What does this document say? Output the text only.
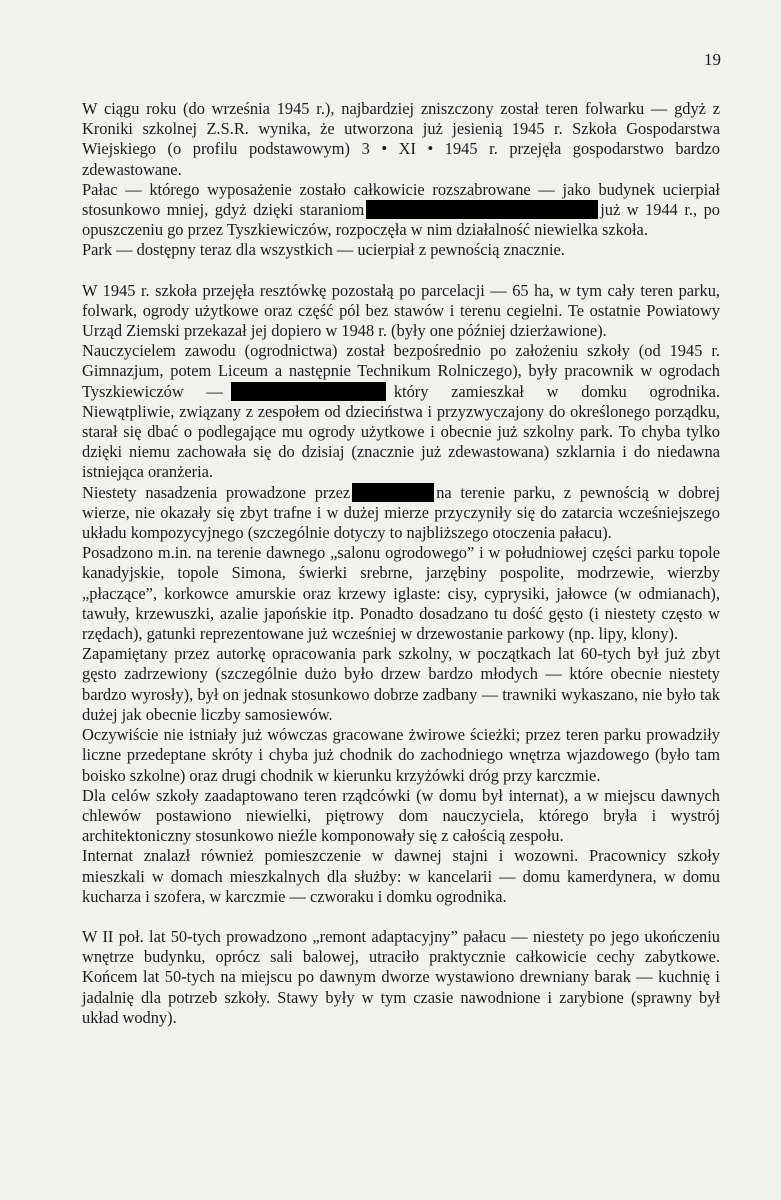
19

W ciągu roku (do września 1945 r.), najbardziej zniszczony został teren folwarku — gdyż z Kroniki szkolnej Z.S.R. wynika, że utworzona już jesienią 1945 r. Szkoła Gospodarstwa Wiejskiego (o profilu podstawowym) 3 • XI • 1945 r. przejęła gospodarstwo bardzo zdewastowane.

Pałac — którego wyposażenie zostało całkowicie rozszabrowane — jako budynek ucierpiał stosunkowo mniej, gdyż dzięki staraniom	już w 1944 r., po opuszczeniu go przez Tyszkiewiczów, rozpoczęła w nim działalność niewielka szkoła.

Park — dostępny teraz dla wszystkich — ucierpiał z pewnością znacznie.

W 1945 r. szkoła przejęła resztówkę pozostałą po parcelacji — 65 ha, w tym cały teren parku, folwark, ogrody użytkowe oraz część pól bez stawów i terenu cegielni. Te ostatnie Powiatowy Urząd Ziemski przekazał jej dopiero w 1948 r. (były one później dzierżawione).

Nauczycielem zawodu (ogrodnictwa) został bezpośrednio po założeniu szkoły (od 1945 r. Gimnazjum, potem Liceum a następnie Technikum Rolniczego), były pracownik w ogrodach Tyszkiewiczów —	który zamieszkał w domku ogrodnika. Niewątpliwie, związany z zespołem od dzieciństwa i przyzwyczajony do określonego porządku, starał się dbać o podlegające mu ogrody użytkowe i obecnie już szkolny park. To chyba tylko dzięki niemu zachowała się do dzisiaj (znacznie już zdewastowana) szklarnia i do niedawna istniejąca oranżeria.

Niestety nasadzenia prowadzone przez	na terenie parku, z pewnością w dobrej wierze, nie okazały się zbyt trafne i w dużej mierze przyczyniły się do zatarcia wcześniejszego układu kompozycyjnego (szczególnie dotyczy to najbliższego otoczenia pałacu).

Posadzono m.in. na terenie dawnego „salonu ogrodowego” i w południowej części parku topole kanadyjskie, topole Simona, świerki srebrne, jarzębiny pospolite, modrzewie, wierzby „płaczące”, korkowce amurskie oraz krzewy iglaste: cisy, cyprysiki, jałowce (w odmianach), tawuły, krzewuszki, azalie japońskie itp. Ponadto dosadzano tu dość gęsto (i niestety często w rzędach), gatunki reprezentowane już wcześniej w drzewostanie parkowy (np. lipy, klony).

Zapamiętany przez autorkę opracowania park szkolny, w początkach lat 60-tych był już zbyt gęsto zadrzewiony (szczególnie dużo było drzew bardzo młodych — które obecnie niestety bardzo wyrosły), był on jednak stosunkowo dobrze zadbany — trawniki wykaszano, nie było tak dużej jak obecnie liczby samosiewów.

Oczywiście nie istniały już wówczas gracowane żwirowe ścieżki; przez teren parku prowadziły liczne przedeptane skróty i chyba już chodnik do zachodniego wnętrza wjazdowego (było tam boisko szkolne) oraz drugi chodnik w kierunku krzyżówki dróg przy karczmie.

Dla celów szkoły zaadaptowano teren rządcówki (w domu był internat), a w miejscu dawnych chlewów postawiono niewielki, piętrowy dom nauczyciela, którego bryła i wystrój architektoniczny stosunkowo nieźle komponowały się z całością zespołu.

Internat znalazł również pomieszczenie w dawnej stajni i wozowni. Pracownicy szkoły mieszkali w domach mieszkalnych dla służby: w kancelarii — domu kamerdynera, w domu kucharza i szofera, w karczmie — czworaku i domku ogrodnika.

W II poł. lat 50-tych prowadzono „remont adaptacyjny” pałacu — niestety po jego ukończeniu wnętrze budynku, oprócz sali balowej, utraciło praktycznie całkowicie cechy zabytkowe. Końcem lat 50-tych na miejscu po dawnym dworze wystawiono drewniany barak — kuchnię i jadalnię dla potrzeb szkoły. Stawy były w tym czasie nawodnione i zarybione (sprawny był układ wodny).
